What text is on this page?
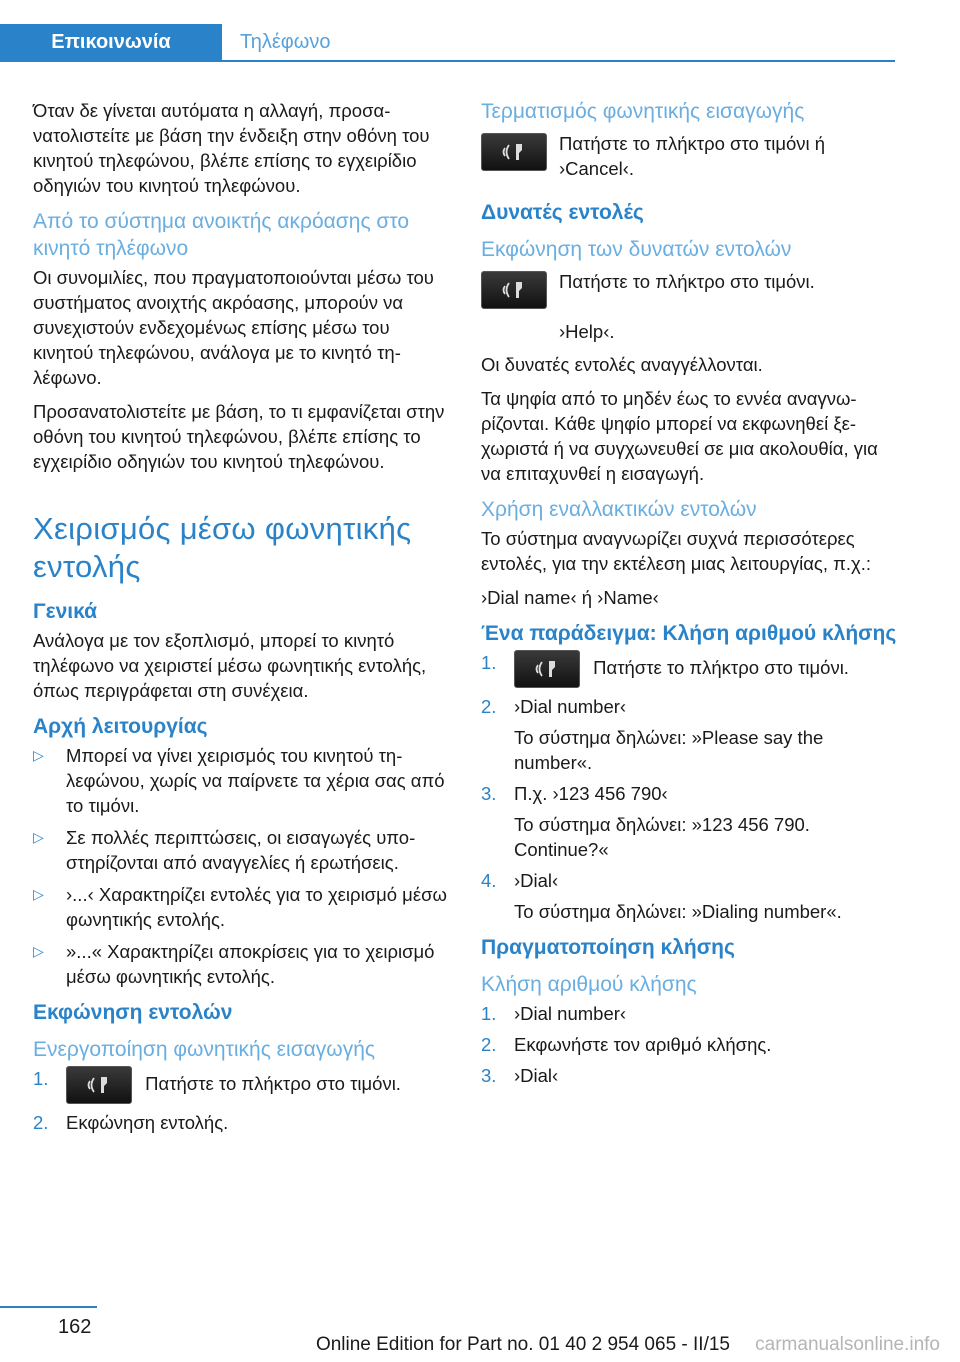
Επικοινωνία	Τηλέφωνο

Όταν δε γίνεται αυτόματα η αλλαγή, προσανατολιστείτε με βάση την ένδειξη στην οθόνη του κινητού τηλεφώνου, βλέπε επίσης το εγχειρίδιο οδηγιών του κινητού τηλεφώνου.

Από το σύστημα ανοικτής ακρόασης στο κινητό τηλέφωνο

Οι συνομιλίες, που πραγματοποιούνται μέσω του συστήματος ανοιχτής ακρόασης, μπορούν να συνεχιστούν ενδεχομένως επίσης μέσω του κινητού τηλεφώνου, ανάλογα με το κινητό τηλέφωνο.

Προσανατολιστείτε με βάση, το τι εμφανίζεται στην οθόνη του κινητού τηλεφώνου, βλέπε επίσης το εγχειρίδιο οδηγιών του κινητού τηλεφώνου.

Χειρισμός μέσω φωνητικής εντολής
Γενικά

Ανάλογα με τον εξοπλισμό, μπορεί το κινητό τηλέφωνο να χειριστεί μέσω φωνητικής εντολής, όπως περιγράφεται στη συνέχεια.

Αρχή λειτουργίας
▷ Μπορεί να γίνει χειρισμός του κινητού τηλεφώνου, χωρίς να παίρνετε τα χέρια σας από το τιμόνι.
▷ Σε πολλές περιπτώσεις, οι εισαγωγές υποστηρίζονται από αναγγελίες ή ερωτήσεις.
▷ ›...‹ Χαρακτηρίζει εντολές για το χειρισμό μέσω φωνητικής εντολής.
▷ »...« Χαρακτηρίζει αποκρίσεις για το χειρισμό μέσω φωνητικής εντολής.
Εκφώνηση εντολών
Ενεργοποίηση φωνητικής εισαγωγής
1.	Πατήστε το πλήκτρο στο τιμόνι.
2. Εκφώνηση εντολής.
Τερματισμός φωνητικής εισαγωγής
Πατήστε το πλήκτρο στο τιμόνι ή ›Cancel‹.
Δυνατές εντολές
Εκφώνηση των δυνατών εντολών
Πατήστε το πλήκτρο στο τιμόνι.

›Help‹.

Οι δυνατές εντολές αναγγέλλονται.

Τα ψηφία από το μηδέν έως το εννέα αναγνωρίζονται. Κάθε ψηφίο μπορεί να εκφωνηθεί ξεχωριστά ή να συγχωνευθεί σε μια ακολουθία, για να επιταχυνθεί η εισαγωγή.

Χρήση εναλλακτικών εντολών

Το σύστημα αναγνωρίζει συχνά περισσότερες εντολές, για την εκτέλεση μιας λειτουργίας, π.χ.:

›Dial name‹ ή ›Name‹

Ένα παράδειγμα: Κλήση αριθμού κλήσης
1.	Πατήστε το πλήκτρο στο τιμόνι.
2. ›Dial number‹
Το σύστημα δηλώνει: »Please say the number«.
3. Π.χ. ›123 456 790‹
Το σύστημα δηλώνει: »123 456 790. Continue?«
4. ›Dial‹
Το σύστημα δηλώνει: »Dialing number«.
Πραγματοποίηση κλήσης
Κλήση αριθμού κλήσης
1. ›Dial number‹
2. Εκφωνήστε τον αριθμό κλήσης.
3. ›Dial‹
162
Online Edition for Part no. 01 40 2 954 065 - II/15 carmanualsonline.info
